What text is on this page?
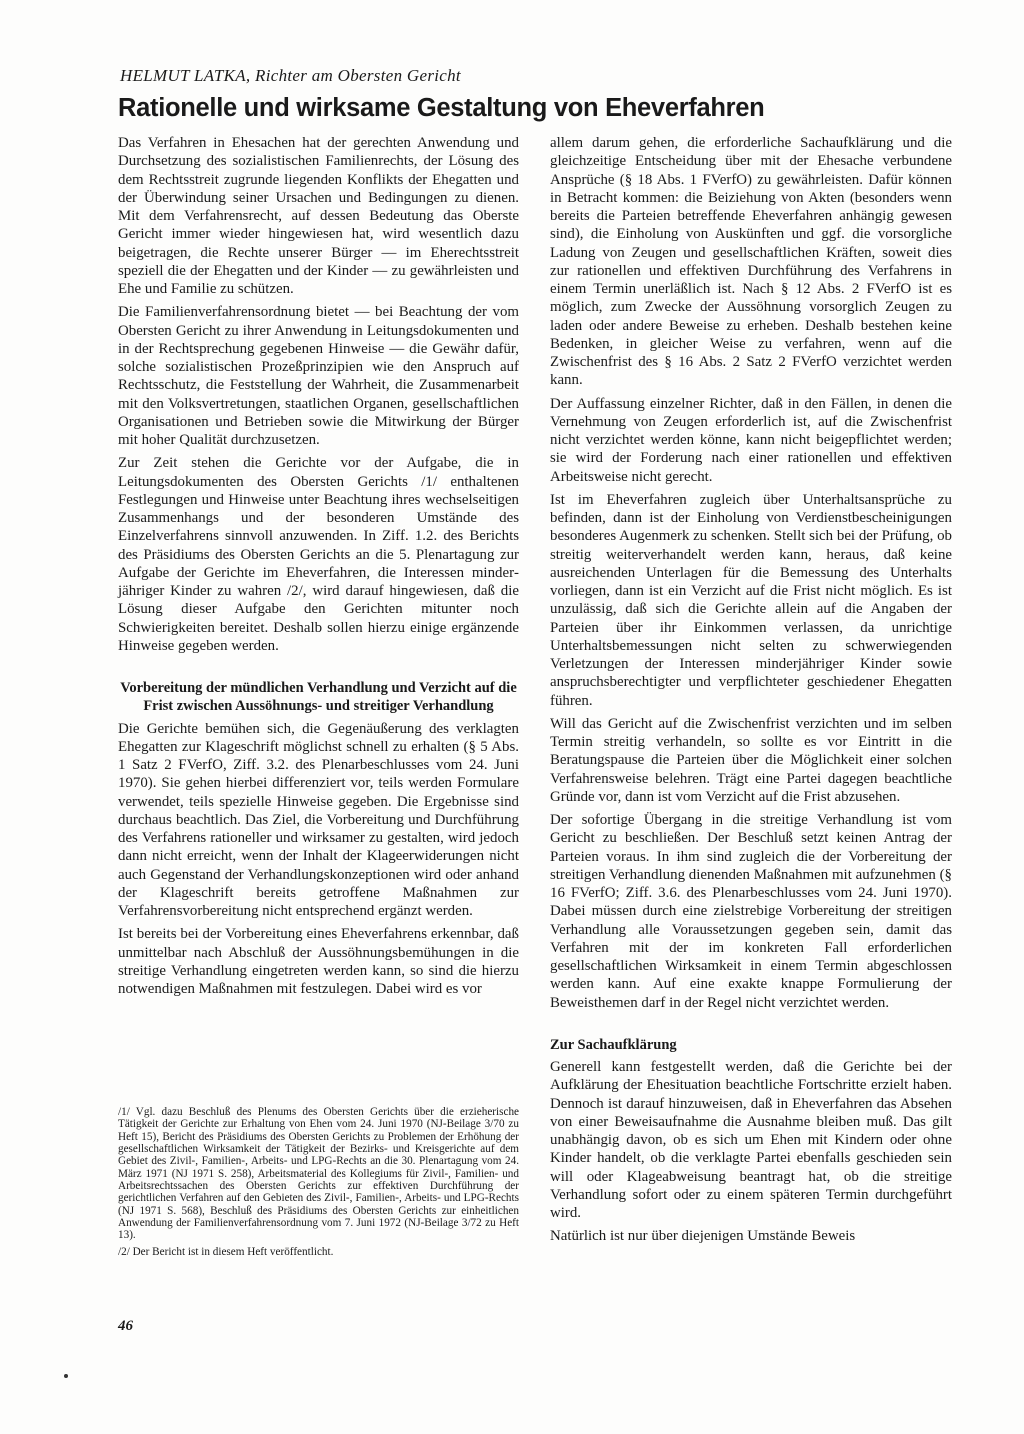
HELMUT LATKA, Richter am Obersten Gericht
Rationelle und wirksame Gestaltung von Eheverfahren

Das Verfahren in Ehesachen hat der gerechten Anwendung und Durchsetzung des sozialistischen Familienrechts, der Lösung des dem Rechtsstreit zugrunde liegenden Konflikts der Ehegatten und der Überwindung seiner Ursachen und Bedingungen zu dienen. Mit dem Verfahrensrecht, auf dessen Bedeutung das Oberste Gericht immer wieder hingewiesen hat, wird wesentlich dazu beigetragen, die Rechte unserer Bürger — im Eherechtsstreit speziell die der Ehegatten und der Kinder — zu gewährleisten und Ehe und Familie zu schützen.

Die Familienverfahrensordnung bietet — bei Beachtung der vom Obersten Gericht zu ihrer Anwendung in Leitungsdokumenten und in der Rechtsprechung gegebenen Hinweise — die Gewähr dafür, solche sozialistischen Prozeßprinzipien wie den Anspruch auf Rechtsschutz, die Feststellung der Wahrheit, die Zusammenarbeit mit den Volksvertretungen, staatlichen Organen, gesellschaftlichen Organisationen und Betrieben sowie die Mitwirkung der Bürger mit hoher Qualität durchzusetzen.

Zur Zeit stehen die Gerichte vor der Aufgabe, die in Leitungsdokumenten des Obersten Gerichts /1/ enthaltenen Festlegungen und Hinweise unter Beachtung ihres wechselseitigen Zusammenhangs und der besonderen Umstände des Einzelverfahrens sinnvoll anzuwenden. In Ziff. 1.2. des Berichts des Präsidiums des Obersten Gerichts an die 5. Plenartagung zur Aufgabe der Gerichte im Eheverfahren, die Interessen minderjähriger Kinder zu wahren /2/, wird darauf hingewiesen, daß die Lösung dieser Aufgabe den Gerichten mitunter noch Schwierigkeiten bereitet. Deshalb sollen hierzu einige ergänzende Hinweise gegeben werden.

Vorbereitung der mündlichen Verhandlung und Verzicht auf die Frist zwischen Aussöhnungs- und streitiger Verhandlung

Die Gerichte bemühen sich, die Gegenäußerung des verklagten Ehegatten zur Klageschrift möglichst schnell zu erhalten (§ 5 Abs. 1 Satz 2 FVerfO, Ziff. 3.2. des Plenarbeschlusses vom 24. Juni 1970). Sie gehen hierbei differenziert vor, teils werden Formulare verwendet, teils spezielle Hinweise gegeben. Die Ergebnisse sind durchaus beachtlich. Das Ziel, die Vorbereitung und Durchführung des Verfahrens rationeller und wirksamer zu gestalten, wird jedoch dann nicht erreicht, wenn der Inhalt der Klageerwiderungen nicht auch Gegenstand der Verhandlungskonzeptionen wird oder anhand der Klageschrift bereits getroffene Maßnahmen zur Verfahrensvorbereitung nicht entsprechend ergänzt werden.

Ist bereits bei der Vorbereitung eines Eheverfahrens erkennbar, daß unmittelbar nach Abschluß der Aussöhnungsbemühungen in die streitige Verhandlung eingetreten werden kann, so sind die hierzu notwendigen Maßnahmen mit festzulegen. Dabei wird es vor

/1/ Vgl. dazu Beschluß des Plenums des Obersten Gerichts über die erzieherische Tätigkeit der Gerichte zur Erhaltung von Ehen vom 24. Juni 1970 (NJ-Beilage 3/70 zu Heft 15), Bericht des Präsidiums des Obersten Gerichts zu Problemen der Erhöhung der gesellschaftlichen Wirksamkeit der Tätigkeit der Bezirks- und Kreisgerichte auf dem Gebiet des Zivil-, Familien-, Arbeits- und LPG-Rechts an die 30. Plenartagung vom 24. März 1971 (NJ 1971 S. 258), Arbeitsmaterial des Kollegiums für Zivil-, Familien- und Arbeitsrechtssachen des Obersten Gerichts zur effektiven Durchführung der gerichtlichen Verfahren auf den Gebieten des Zivil-, Familien-, Arbeits- und LPG-Rechts (NJ 1971 S. 568), Beschluß des Präsidiums des Obersten Gerichts zur einheitlichen Anwendung der Familienverfahrensordnung vom 7. Juni 1972 (NJ-Beilage 3/72 zu Heft 13).

/2/ Der Bericht ist in diesem Heft veröffentlicht.

46

allem darum gehen, die erforderliche Sachaufklärung und die gleichzeitige Entscheidung über mit der Ehesache verbundene Ansprüche (§ 18 Abs. 1 FVerfO) zu gewährleisten. Dafür können in Betracht kommen: die Beiziehung von Akten (besonders wenn bereits die Parteien betreffende Eheverfahren anhängig gewesen sind), die Einholung von Auskünften und ggf. die vorsorgliche Ladung von Zeugen und gesellschaftlichen Kräften, soweit dies zur rationellen und effektiven Durchführung des Verfahrens in einem Termin unerläßlich ist. Nach § 12 Abs. 2 FVerfO ist es möglich, zum Zwecke der Aussöhnung vorsorglich Zeugen zu laden oder andere Beweise zu erheben. Deshalb bestehen keine Bedenken, in gleicher Weise zu verfahren, wenn auf die Zwischenfrist des § 16 Abs. 2 Satz 2 FVerfO verzichtet werden kann.

Der Auffassung einzelner Richter, daß in den Fällen, in denen die Vernehmung von Zeugen erforderlich ist, auf die Zwischenfrist nicht verzichtet werden könne, kann nicht beigepflichtet werden; sie wird der Forderung nach einer rationellen und effektiven Arbeitsweise nicht gerecht.

Ist im Eheverfahren zugleich über Unterhaltsansprüche zu befinden, dann ist der Einholung von Verdienstbescheinigungen besonderes Augenmerk zu schenken. Stellt sich bei der Prüfung, ob streitig weiterverhandelt werden kann, heraus, daß keine ausreichenden Unterlagen für die Bemessung des Unterhalts vorliegen, dann ist ein Verzicht auf die Frist nicht möglich. Es ist unzulässig, daß sich die Gerichte allein auf die Angaben der Parteien über ihr Einkommen verlassen, da unrichtige Unterhaltsbemessungen nicht selten zu schwerwiegenden Verletzungen der Interessen minderjähriger Kinder sowie anspruchsberechtigter und verpflichteter geschiedener Ehegatten führen.

Will das Gericht auf die Zwischenfrist verzichten und im selben Termin streitig verhandeln, so sollte es vor Eintritt in die Beratungspause die Parteien über die Möglichkeit einer solchen Verfahrensweise belehren. Trägt eine Partei dagegen beachtliche Gründe vor, dann ist vom Verzicht auf die Frist abzusehen.

Der sofortige Übergang in die streitige Verhandlung ist vom Gericht zu beschließen. Der Beschluß setzt keinen Antrag der Parteien voraus. In ihm sind zugleich die der Vorbereitung der streitigen Verhandlung dienenden Maßnahmen mit aufzunehmen (§ 16 FVerfO; Ziff. 3.6. des Plenarbeschlusses vom 24. Juni 1970). Dabei müssen durch eine zielstrebige Vorbereitung der streitigen Verhandlung alle Voraussetzungen gegeben sein, damit das Verfahren mit der im konkreten Fall erforderlichen gesellschaftlichen Wirksamkeit in einem Termin abgeschlossen werden kann. Auf eine exakte knappe Formulierung der Beweisthemen darf in der Regel nicht verzichtet werden.

Zur Sachaufklärung

Generell kann festgestellt werden, daß die Gerichte bei der Aufklärung der Ehesituation beachtliche Fortschritte erzielt haben. Dennoch ist darauf hinzuweisen, daß in Eheverfahren das Absehen von einer Beweisaufnahme die Ausnahme bleiben muß. Das gilt unabhängig davon, ob es sich um Ehen mit Kindern oder ohne Kinder handelt, ob die verklagte Partei ebenfalls geschieden sein will oder Klageabweisung beantragt hat, ob die streitige Verhandlung sofort oder zu einem späteren Termin durchgeführt wird.

Natürlich ist nur über diejenigen Umstände Beweis
